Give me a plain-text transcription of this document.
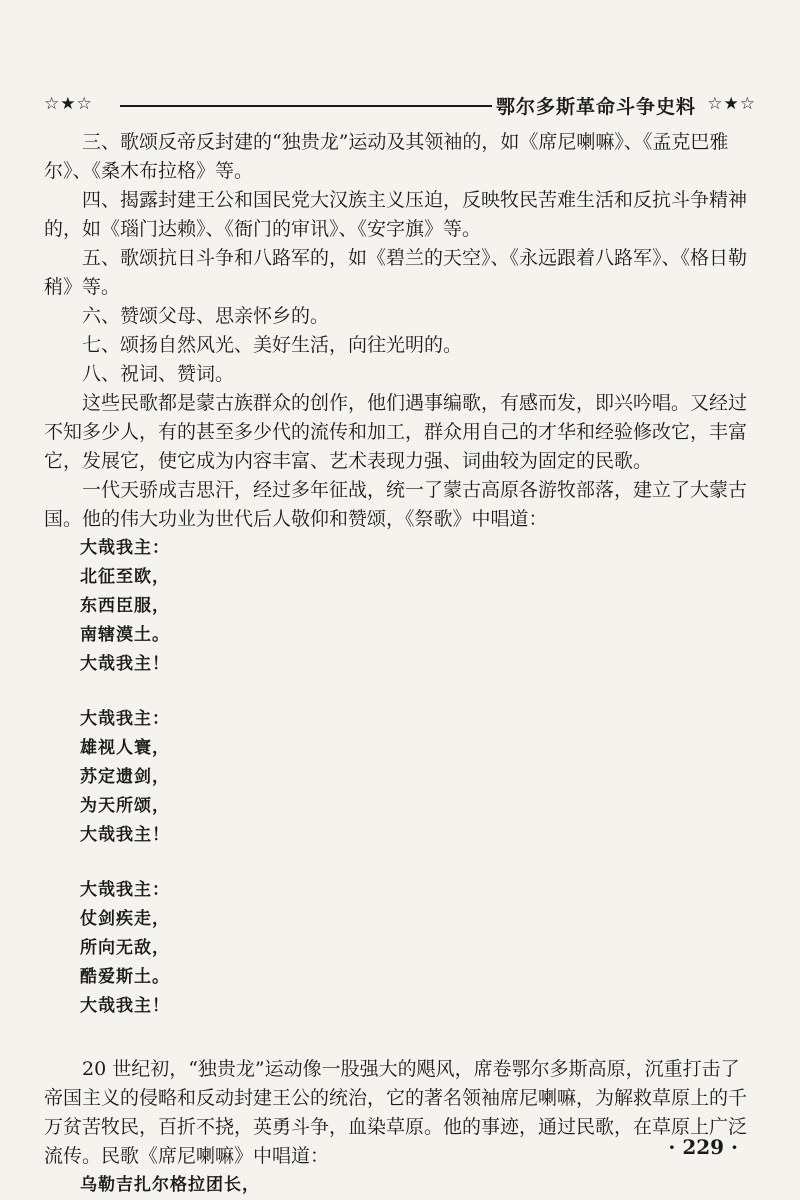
☆★☆	鄂尔多斯革命斗争史料 ☆★☆

三、歌颂反帝反封建的“独贵龙”运动及其领袖的，如《席尼喇嘛》、《孟克巴雅尔》、《桑木布拉格》等。

四、揭露封建王公和国民党大汉族主义压迫，反映牧民苦难生活和反抗斗争精神的，如《瑙门达赖》、《衙门的审讯》、《安字旗》等。

五、歌颂抗日斗争和八路军的，如《碧兰的天空》、《永远跟着八路军》、《格日勒稍》等。

六、赞颂父母、思亲怀乡的。

七、颂扬自然风光、美好生活，向往光明的。

八、祝词、赞词。

这些民歌都是蒙古族群众的创作，他们遇事编歌，有感而发，即兴吟唱。又经过不知多少人，有的甚至多少代的流传和加工，群众用自己的才华和经验修改它，丰富它，发展它，使它成为内容丰富、艺术表现力强、词曲较为固定的民歌。

一代天骄成吉思汗，经过多年征战，统一了蒙古高原各游牧部落，建立了大蒙古国。他的伟大功业为世代后人敬仰和赞颂，《祭歌》中唱道：

大哉我主：

北征至欧，

东西臣服，

南辖漠土。

大哉我主！

大哉我主：

雄视人寰，

苏定遗剑，

为天所颂，

大哉我主！

大哉我主：

仗剑疾走，

所向无敌，

酷爱斯土。

大哉我主！

20 世纪初，“独贵龙”运动像一股强大的飓风，席卷鄂尔多斯高原，沉重打击了帝国主义的侵略和反动封建王公的统治，它的著名领袖席尼喇嘛，为解救草原上的千万贫苦牧民，百折不挠，英勇斗争，血染草原。他的事迹，通过民歌，在草原上广泛流传。民歌《席尼喇嘛》中唱道：

乌勒吉扎尔格拉团长，

· 229 ·
